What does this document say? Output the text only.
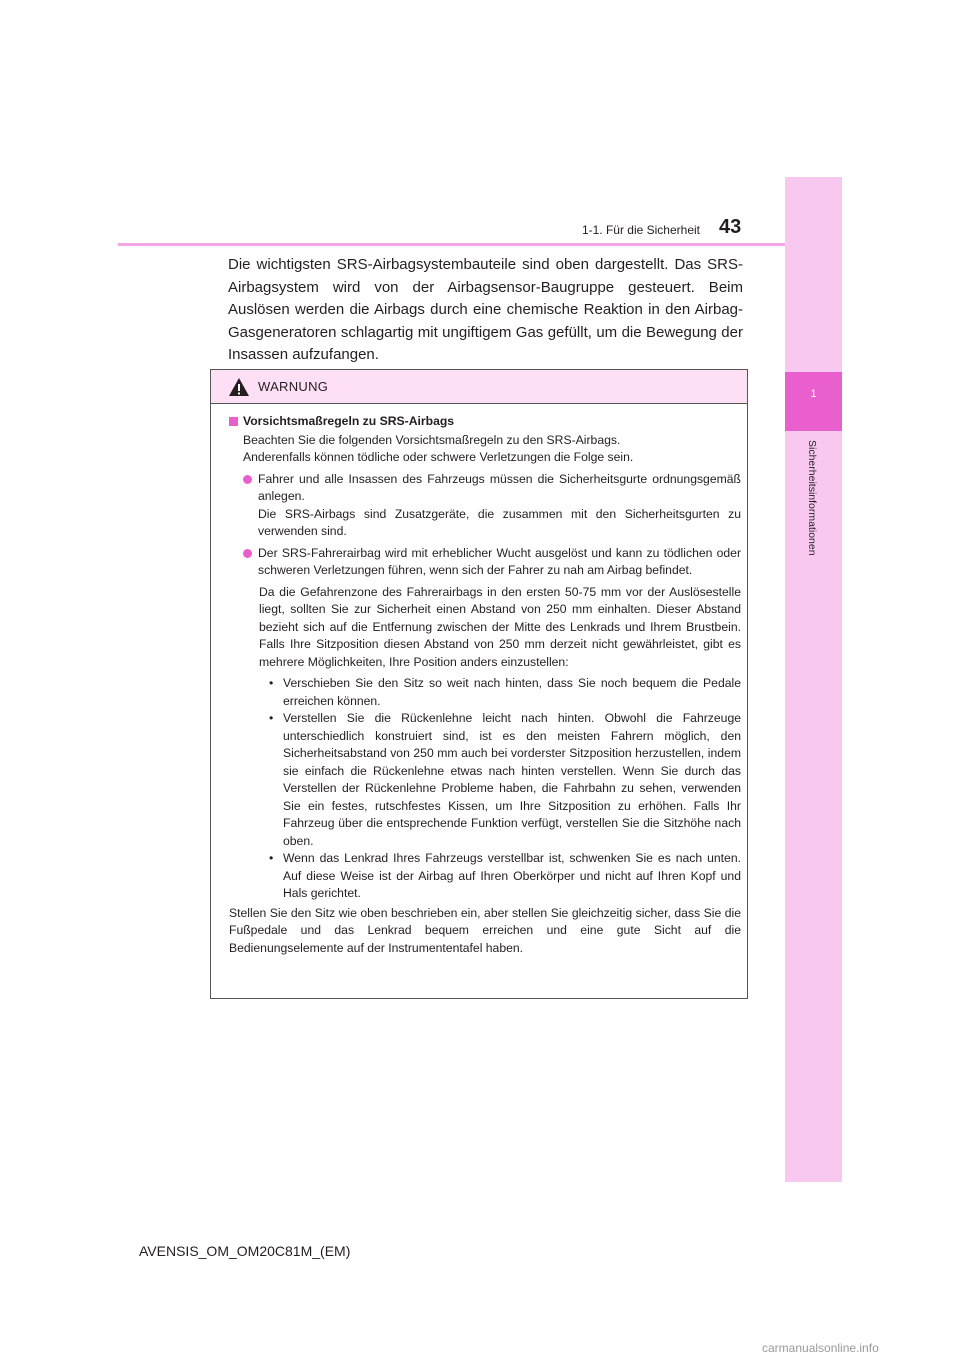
1
Sicherheitsinformationen
1-1. Für die Sicherheit 43

Die wichtigsten SRS-Airbagsystembauteile sind oben dargestellt. Das SRS-Airbagsystem wird von der Airbagsensor-Baugruppe gesteuert. Beim Auslösen werden die Airbags durch eine chemische Reaktion in den Airbag-Gasgeneratoren schlagartig mit ungiftigem Gas gefüllt, um die Bewegung der Insassen aufzufangen.

WARNUNG
Vorsichtsmaßregeln zu SRS-Airbags

Beachten Sie die folgenden Vorsichtsmaßregeln zu den SRS-Airbags.

Anderenfalls können tödliche oder schwere Verletzungen die Folge sein.

Fahrer und alle Insassen des Fahrzeugs müssen die Sicherheitsgurte ordnungsgemäß anlegen.
Die SRS-Airbags sind Zusatzgeräte, die zusammen mit den Sicherheitsgurten zu verwenden sind.
Der SRS-Fahrerairbag wird mit erheblicher Wucht ausgelöst und kann zu tödlichen oder schweren Verletzungen führen, wenn sich der Fahrer zu nah am Airbag befindet.

Da die Gefahrenzone des Fahrerairbags in den ersten 50-75 mm vor der Auslösestelle liegt, sollten Sie zur Sicherheit einen Abstand von 250 mm einhalten. Dieser Abstand bezieht sich auf die Entfernung zwischen der Mitte des Lenkrads und Ihrem Brustbein. Falls Ihre Sitzposition diesen Abstand von 250 mm derzeit nicht gewährleistet, gibt es mehrere Möglichkeiten, Ihre Position anders einzustellen:

• Verschieben Sie den Sitz so weit nach hinten, dass Sie noch bequem die Pedale erreichen können.
• Verstellen Sie die Rückenlehne leicht nach hinten. Obwohl die Fahrzeuge unterschiedlich konstruiert sind, ist es den meisten Fahrern möglich, den Sicherheitsabstand von 250 mm auch bei vorderster Sitzposition herzustellen, indem sie einfach die Rückenlehne etwas nach hinten verstellen. Wenn Sie durch das Verstellen der Rückenlehne Probleme haben, die Fahrbahn zu sehen, verwenden Sie ein festes, rutschfestes Kissen, um Ihre Sitzposition zu erhöhen. Falls Ihr Fahrzeug über die entsprechende Funktion verfügt, verstellen Sie die Sitzhöhe nach oben.
• Wenn das Lenkrad Ihres Fahrzeugs verstellbar ist, schwenken Sie es nach unten. Auf diese Weise ist der Airbag auf Ihren Oberkörper und nicht auf Ihren Kopf und Hals gerichtet.

Stellen Sie den Sitz wie oben beschrieben ein, aber stellen Sie gleichzeitig sicher, dass Sie die Fußpedale und das Lenkrad bequem erreichen und eine gute Sicht auf die Bedienungselemente auf der Instrumententafel haben.

AVENSIS_OM_OM20C81M_(EM)
carmanualsonline.info
